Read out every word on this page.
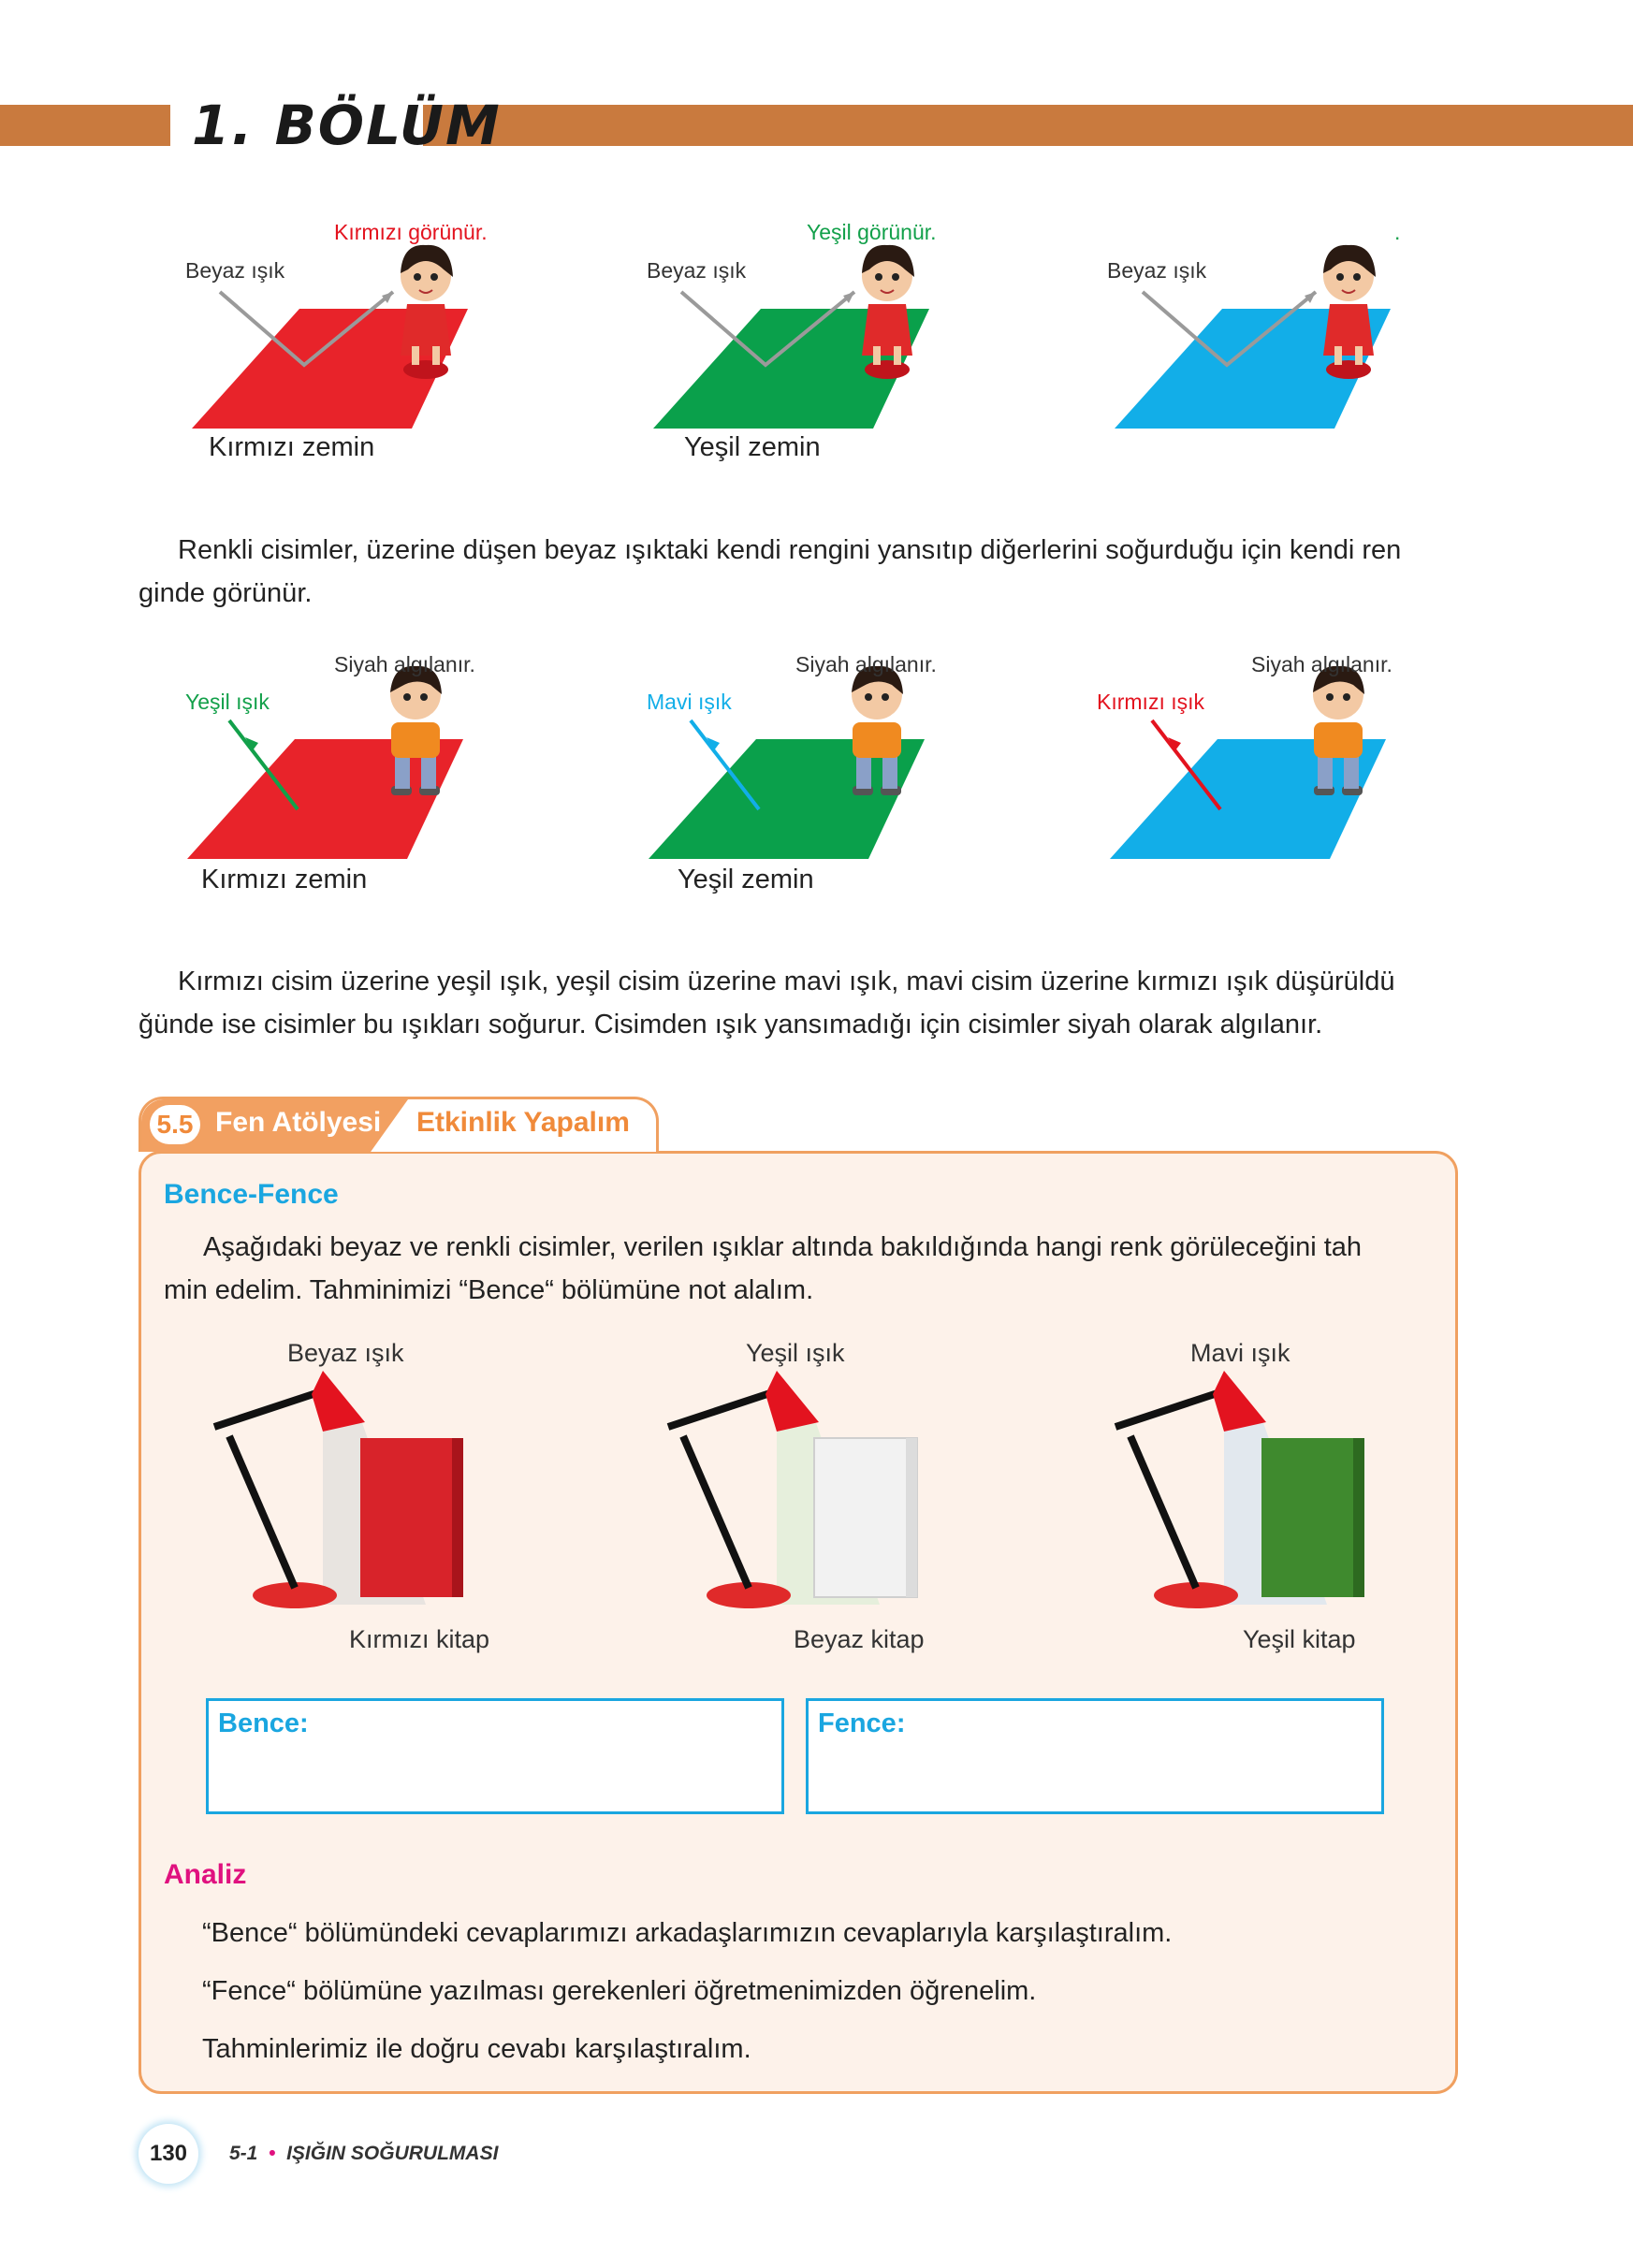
1. BÖLÜM
Kırmızı görünür.
Beyaz ışık
Kırmızı zemin
Yeşil görünür.
Beyaz ışık
Yeşil zemin
.
Beyaz ışık
Renkli cisimler, üzerine düşen beyaz ışıktaki kendi rengini yansıtıp diğerlerini soğurduğu için kendi ren
ginde görünür.
Siyah algılanır.
Yeşil ışık
Kırmızı zemin
Siyah algılanır.
Mavi ışık
Yeşil zemin
Siyah algılanır.
Kırmızı ışık
Kırmızı cisim üzerine yeşil ışık, yeşil cisim üzerine mavi ışık, mavi cisim üzerine kırmızı ışık düşürüldü
ğünde ise cisimler bu ışıkları soğurur. Cisimden ışık yansımadığı için cisimler siyah olarak algılanır.
5.5 Fen Atölyesi Etkinlik Yapalım
Bence-Fence
Aşağıdaki beyaz ve renkli cisimler, verilen ışıklar altında bakıldığında hangi renk görüleceğini tah
min edelim. Tahminimizi “Bence“ bölümüne not alalım.
Beyaz ışık	Yeşil ışık	Mavi ışık
Kırmızı kitap	Beyaz kitap	Yeşil kitap
Bence:	Fence:
Analiz
“Bence“ bölümündeki cevaplarımızı arkadaşlarımızın cevaplarıyla karşılaştıralım.
“Fence“ bölümüne yazılması gerekenleri öğretmenimizden öğrenelim.
Tahminlerimiz ile doğru cevabı karşılaştıralım.
130	5-1  •  IŞIĞIN SOĞURULMASI
